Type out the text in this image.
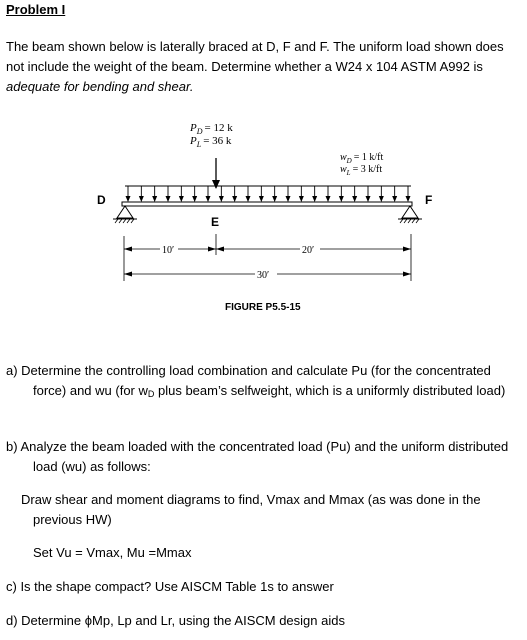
Problem I
The beam shown below is laterally braced at D, F and F. The uniform load shown does not include the weight of the beam. Determine whether a W24 x 104 ASTM A992 is adequate for bending and shear.
$P_D = 12$ k
$P_L = 36$ k
$w_D = 1$ k/ft
$w_L = 3$ k/ft
D	F
E
10′	20′
30′
FIGURE P5.5-15
a) Determine the controlling load combination and calculate Pu (for the concentrated force) and wu (for wD plus beam’s selfweight, which is a uniformly distributed load)
b) Analyze the beam loaded with the concentrated load (Pu) and the uniform distributed load (wu) as follows:
Draw shear and moment diagrams to find, Vmax and Mmax (as was done in the previous HW)
Set Vu = Vmax, Mu =Mmax
c) Is the shape compact? Use AISCM Table 1s to answer
d) Determine ϕMp, Lp and Lr, using the AISCM design aids
